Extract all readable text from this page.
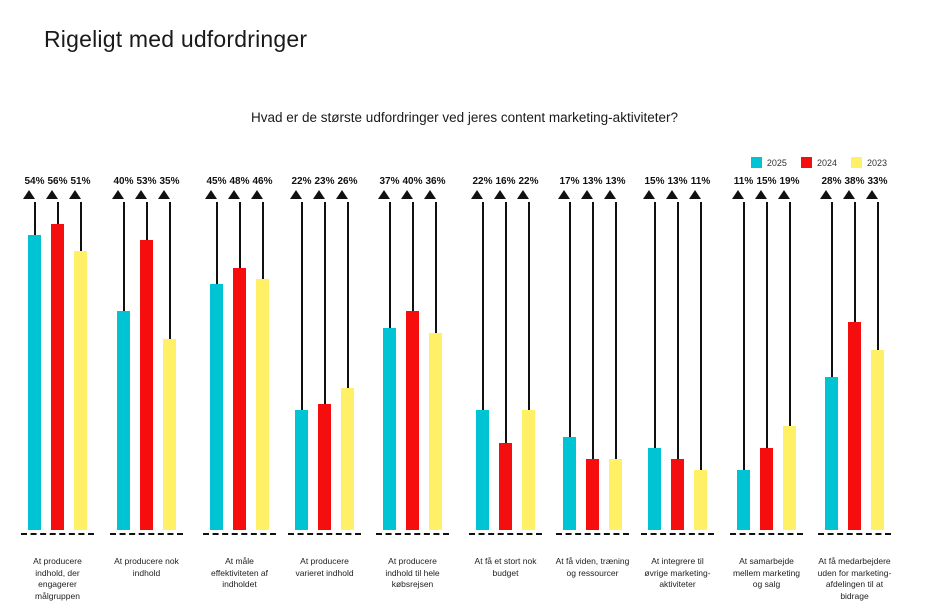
Rigeligt med udfordringer
Hvad er de største udfordringer ved jeres content marketing-aktiviteter?
2025	2024	2023
54% 56% 51%
At producere indhold, der engagerer målgruppen
40% 53% 35%
At producere nok indhold
45% 48% 46%
At måle effektiviteten af indholdet
22% 23% 26%
At producere varieret indhold
37% 40% 36%
At producere indhold til hele købsrejsen
22% 16% 22%
At få et stort nok budget
17% 13% 13%
At få viden, træning og ressourcer
15% 13% 11%
At integrere til øvrige marketing-aktiviteter
11% 15% 19%
At samarbejde mellem marketing og salg
28% 38% 33%
At få medarbejdere uden for marketing-afdelingen til at bidrage
